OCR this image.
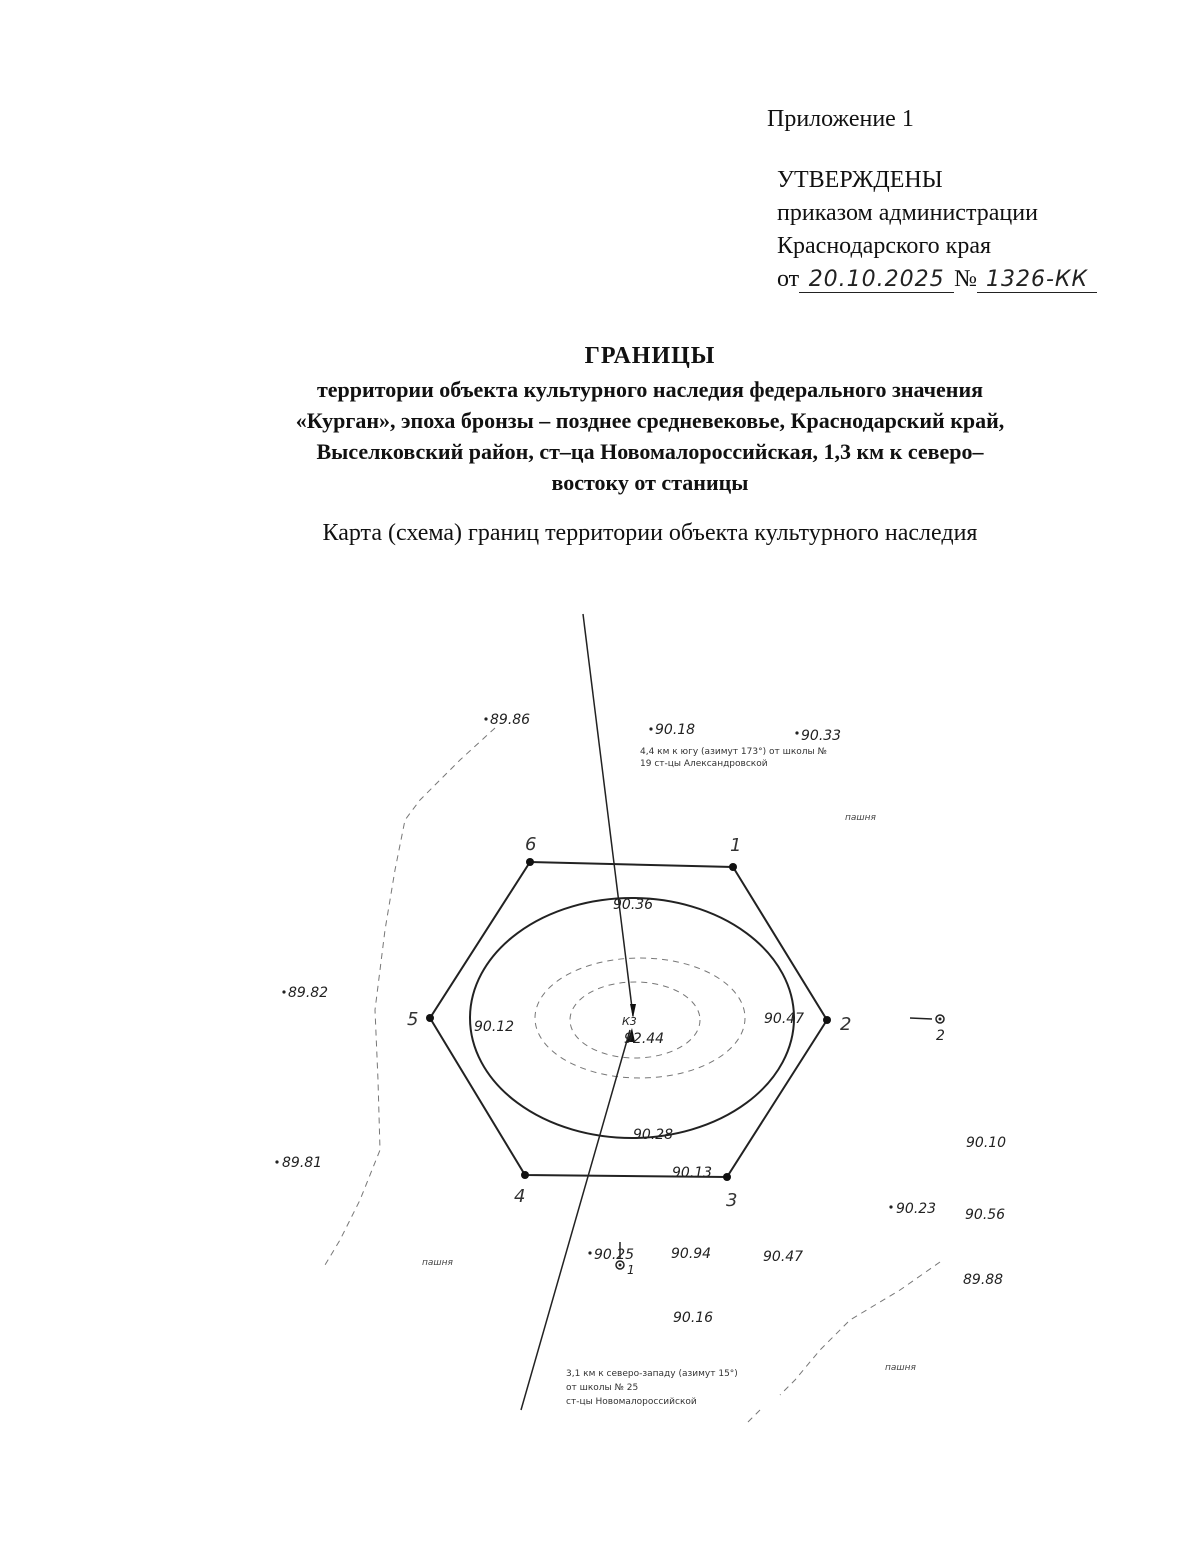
Приложение 1
УТВЕРЖДЕНЫ
приказом администрации
Краснодарского края
от 20.10.2025 № 1326-КК
ГРАНИЦЫ
территории объекта культурного наследия федерального значения
«Курган», эпоха бронзы – позднее средневековье, Краснодарский край,
Выселковский район, ст–ца Новомалороссийская, 1,3 км к северо–
востоку от станицы
Карта (схема) границ территории объекта культурного наследия
1
2
3
4
5
6
К3
92.44
89.86
90.18	90.33
90.36
89.82
90.12	90.47
90.28
90.13
89.81
90.10
90.23 90.56
90.25	90.94	90.47
89.88
90.16
4,4 км к югу (азимут 173°) от школы №
19 ст-цы Александровской
3,1 км к северо-западу (азимут 15°)
от школы № 25
ст-цы Новомалороссийской
1
2
пашня
пашня
пашня
